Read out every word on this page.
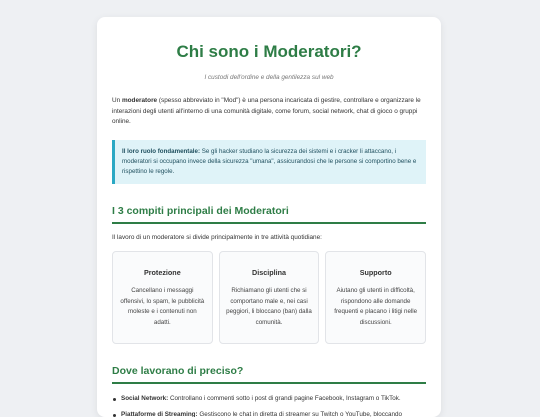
Chi sono i Moderatori?

I custodi dell'ordine e della gentilezza sul web

Un moderatore (spesso abbreviato in "Mod") è una persona incaricata di gestire, controllare e organizzare le interazioni degli utenti all'interno di una comunità digitale, come forum, social network, chat di gioco o gruppi online.

Il loro ruolo fondamentale: Se gli hacker studiano la sicurezza dei sistemi e i cracker li attaccano, i moderatori si occupano invece della sicurezza "umana", assicurandosi che le persone si comportino bene e rispettino le regole.
I 3 compiti principali dei Moderatori

Il lavoro di un moderatore si divide principalmente in tre attività quotidiane:

Protezione
Cancellano i messaggi offensivi, lo spam, le pubblicità moleste e i contenuti non adatti.
Disciplina
Richiamano gli utenti che si comportano male e, nei casi peggiori, li bloccano (ban) dalla comunità.
Supporto
Aiutano gli utenti in difficoltà, rispondono alle domande frequenti e placano i litigi nelle discussioni.
Dove lavorano di preciso?
Social Network: Controllano i commenti sotto i post di grandi pagine Facebook, Instagram o TikTok.
Piattaforme di Streaming: Gestiscono le chat in diretta di streamer su Twitch o YouTube, bloccando
